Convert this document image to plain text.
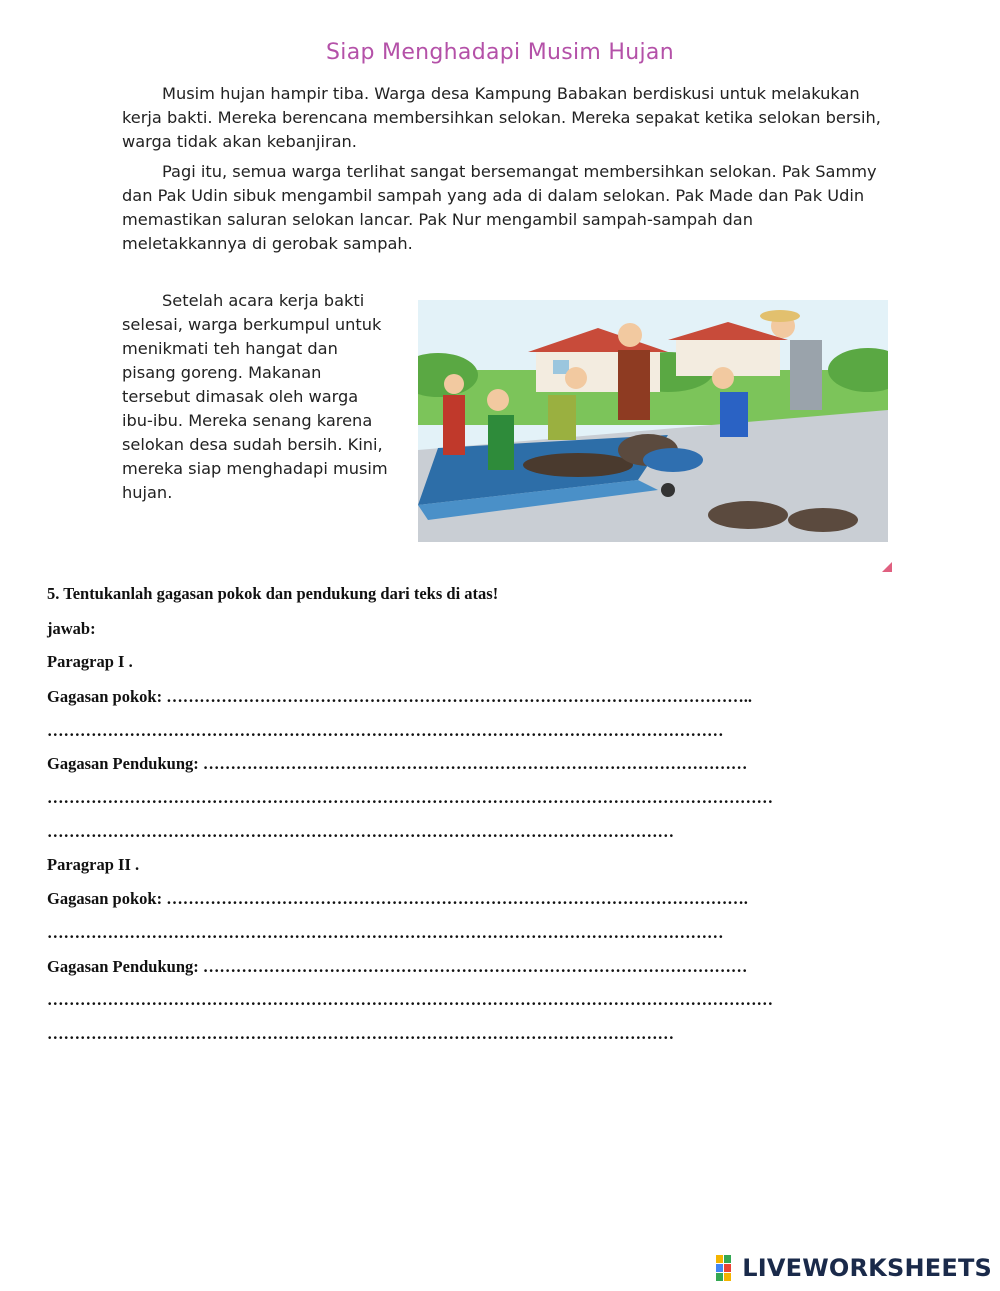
Siap Menghadapi Musim Hujan

Musim hujan hampir tiba. Warga desa Kampung Babakan berdiskusi untuk melakukan kerja bakti. Mereka berencana membersihkan selokan. Mereka sepakat ketika selokan bersih, warga tidak akan kebanjiran.

Pagi itu, semua warga terlihat sangat bersemangat membersihkan selokan. Pak Sammy dan Pak Udin sibuk mengambil sampah yang ada di dalam selokan. Pak Made dan Pak Udin memastikan saluran selokan lancar. Pak Nur mengambil sampah-sampah dan meletakkannya di gerobak sampah.

Setelah acara kerja bakti selesai, warga berkumpul untuk menikmati teh hangat dan pisang goreng. Makanan tersebut dimasak oleh warga ibu-ibu. Mereka senang karena selokan desa sudah bersih. Kini, mereka siap menghadapi musim hujan.

5. Tentukanlah gagasan pokok dan pendukung dari teks di atas!
jawab:
Paragrap I .
Gagasan pokok: ……………………………………………………………………………………………..
……………………………………………………………………………………………………………
Gagasan Pendukung: ………………………………………………………………………………………
……………………………………………………………………………………………………………………
……………………………………………………………………………………………………
Paragrap II .
Gagasan pokok: …………………………………………………………………………………………….
……………………………………………………………………………………………………………
Gagasan Pendukung: ………………………………………………………………………………………
……………………………………………………………………………………………………………………
……………………………………………………………………………………………………
LIVEWORKSHEETS
